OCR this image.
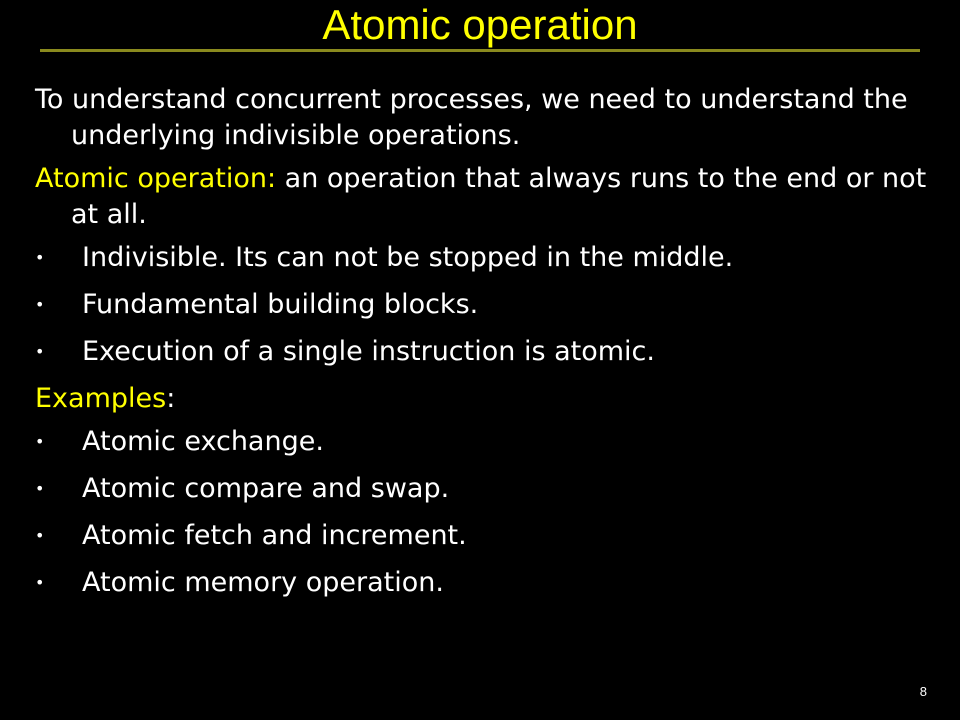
Atomic operation

To understand concurrent processes, we need to understand the underlying indivisible operations.

Atomic operation: an operation that always runs to the end or not at all.

• Indivisible. Its can not be stopped in the middle.
• Fundamental building blocks.
• Execution of a single instruction is atomic.

Examples:

• Atomic exchange.
• Atomic compare and swap.
• Atomic fetch and increment.
• Atomic memory operation.
8
